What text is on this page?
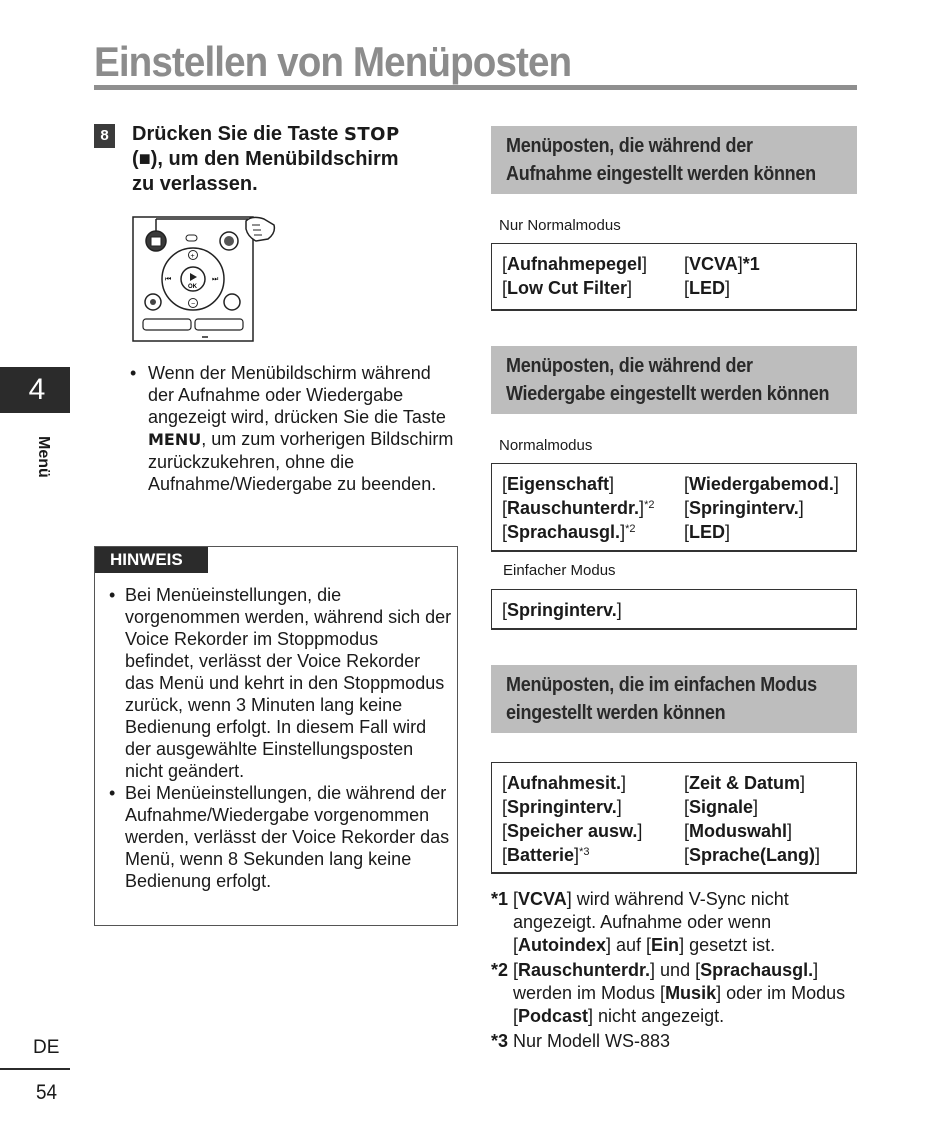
Einstellen von Menüposten
8	Drücken Sie die Taste STOP
(■), um den Menübildschirm
zu verlassen.
OK
+
−
⏮	⏭
• Wenn der Menübildschirm während der Aufnahme oder Wiedergabe angezeigt wird, drücken Sie die Taste MENU, um zum vorherigen Bildschirm zurückzukehren, ohne die Aufnahme/Wiedergabe zu beenden.
4
Menü
HINWEIS
• Bei Menüeinstellungen, die vorgenommen werden, während sich der Voice Rekorder im Stoppmodus befindet, verlässt der Voice Rekorder das Menü und kehrt in den Stoppmodus zurück, wenn 3 Minuten lang keine Bedienung erfolgt. In diesem Fall wird der ausgewählte Einstellungsposten nicht geändert.
• Bei Menüeinstellungen, die während der Aufnahme/Wiedergabe vorgenommen werden, verlässt der Voice Rekorder das Menü, wenn 8 Sekunden lang keine Bedienung erfolgt.
Menüposten, die während der
Aufnahme eingestellt werden können
Nur Normalmodus
[Aufnahmepegel]	[VCVA]*1
[Low Cut Filter]	[LED]
Menüposten, die während der
Wiedergabe eingestellt werden können
Normalmodus
[Eigenschaft]	[Wiedergabemod.]
[Rauschunterdr.]$^{*2}$	[Springinterv.]
[Sprachausgl.]$^{*2}$	[LED]
Einfacher Modus
[Springinterv.]
Menüposten, die im einfachen Modus
eingestellt werden können
[Aufnahmesit.]	[Zeit & Datum]
[Springinterv.]	[Signale]
[Speicher ausw.]	[Moduswahl]
[Batterie]$^{*3}$	[Sprache(Lang)]
*1 [VCVA] wird während V-Sync nicht angezeigt. Aufnahme oder wenn [Autoindex] auf [Ein] gesetzt ist.
*2 [Rauschunterdr.] und [Sprachausgl.] werden im Modus [Musik] oder im Modus [Podcast] nicht angezeigt.
*3 Nur Modell WS-883
DE
54
